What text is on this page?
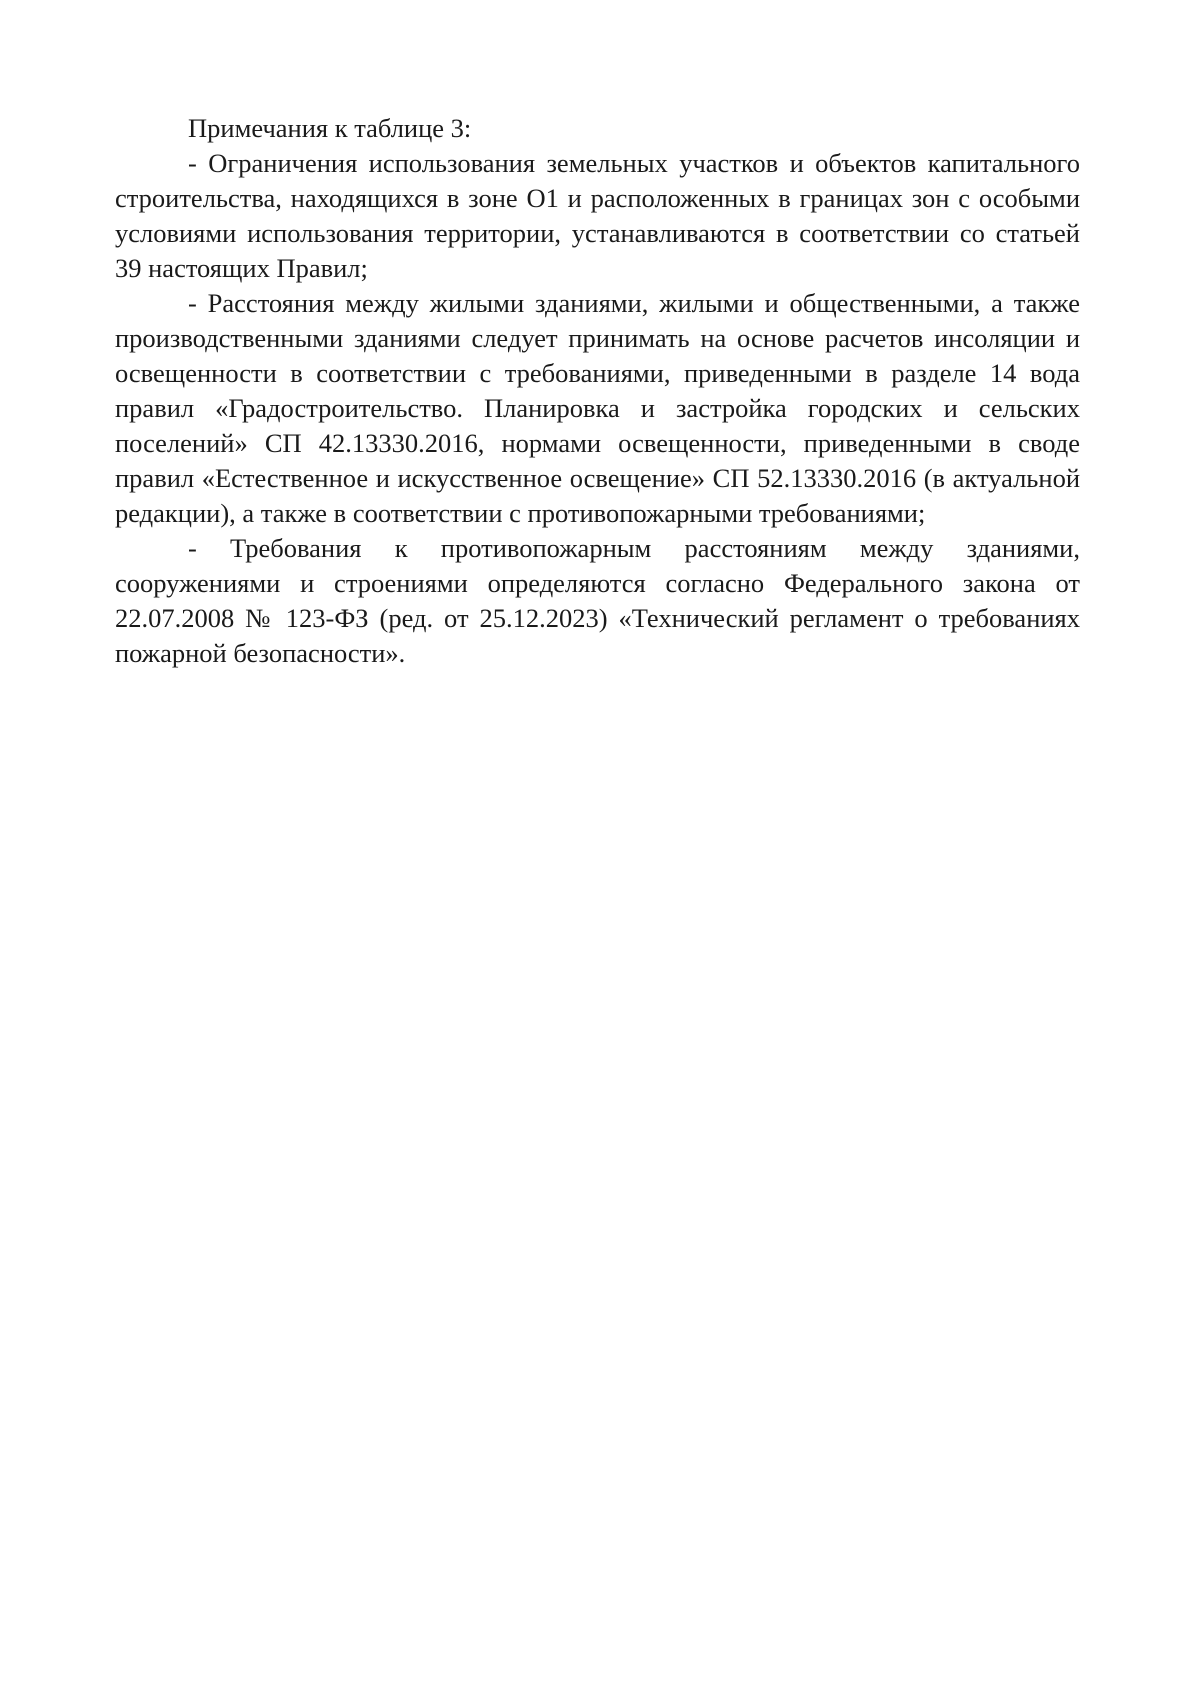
Примечания к таблице 3:

- Ограничения использования земельных участков и объектов капитального строительства, находящихся в зоне О1 и расположенных в границах зон с особыми условиями использования территории, устанавливаются в соответствии со статьей 39 настоящих Правил;

- Расстояния между жилыми зданиями, жилыми и общественными, а также производственными зданиями следует принимать на основе расчетов инсоляции и освещенности в соответствии с требованиями, приведенными в разделе 14 вода правил «Градостроительство. Планировка и застройка городских и сельских поселений» СП 42.13330.2016, нормами освещенности, приведенными в своде правил «Естественное и искусственное освещение» СП 52.13330.2016 (в актуальной редакции), а также в соответствии с противопожарными требованиями;

- Требования к противопожарным расстояниям между зданиями, сооружениями и строениями определяются согласно Федерального закона от 22.07.2008 № 123-ФЗ (ред. от 25.12.2023) «Технический регламент о требованиях пожарной безопасности».
